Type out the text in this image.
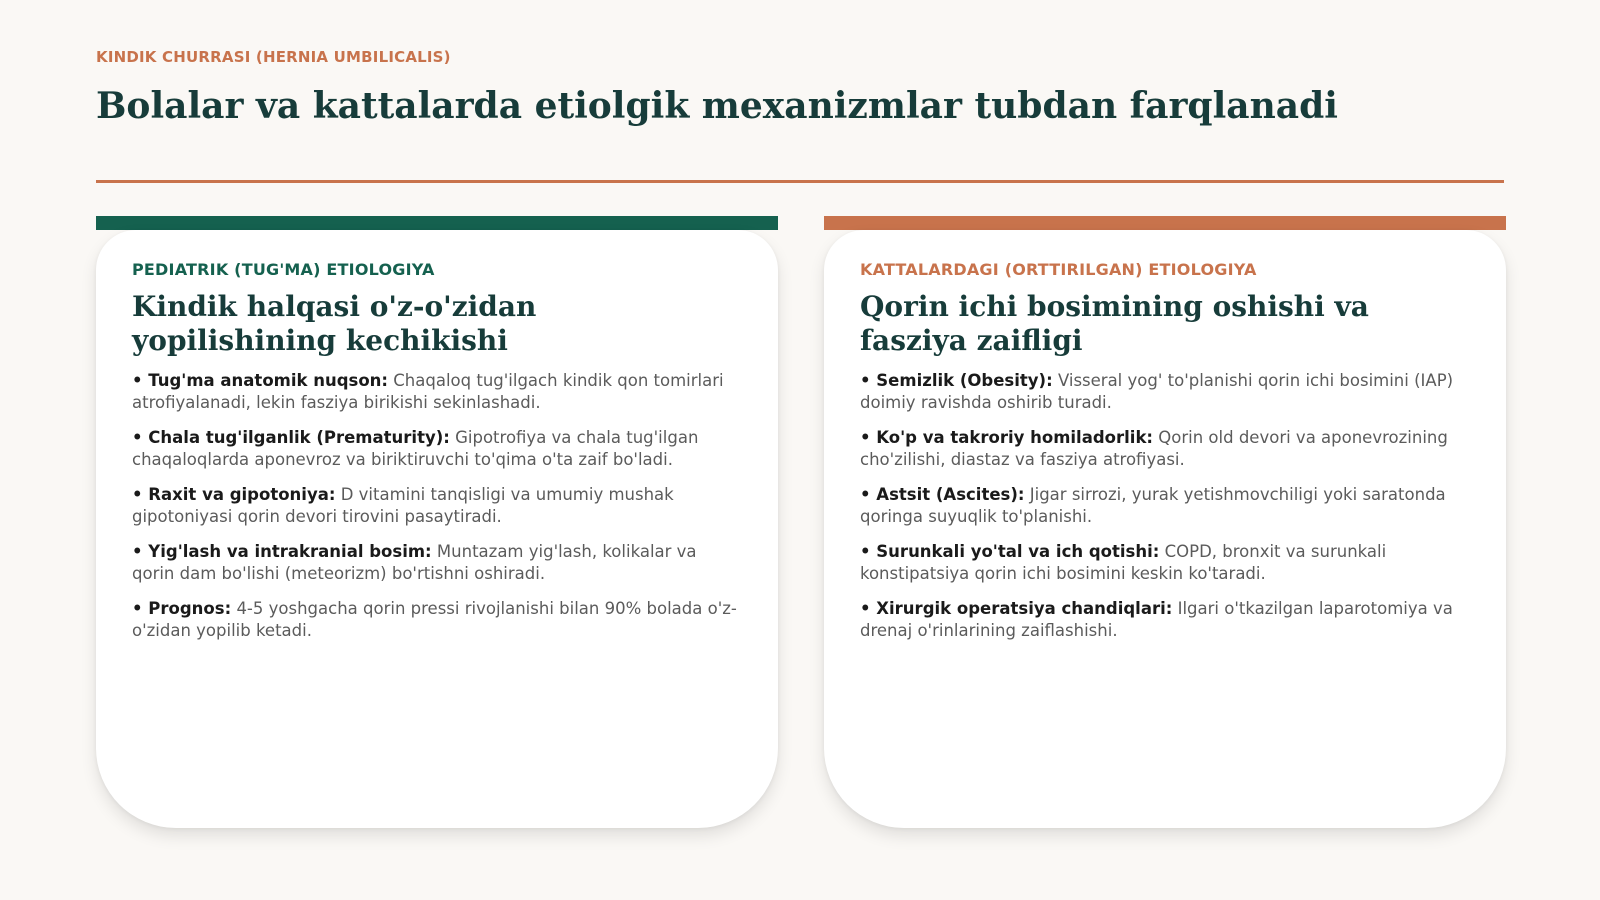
KINDIK CHURRASI (HERNIA UMBILICALIS)
Bolalar va kattalarda etiolgik mexanizmlar tubdan farqlanadi
PEDIATRIK (TUG'MA) ETIOLOGIYA
Kindik halqasi o'z-o'zidan yopilishining kechikishi
• Tug'ma anatomik nuqson: Chaqaloq tug'ilgach kindik qon tomirlari atrofiyalanadi, lekin fasziya birikishi sekinlashadi.
• Chala tug'ilganlik (Prematurity): Gipotrofiya va chala tug'ilgan chaqaloqlarda aponevroz va biriktiruvchi to'qima o'ta zaif bo'ladi.
• Raxit va gipotoniya: D vitamini tanqisligi va umumiy mushak gipotoniyasi qorin devori tirovini pasaytiradi.
• Yig'lash va intrakranial bosim: Muntazam yig'lash, kolikalar va qorin dam bo'lishi (meteorizm) bo'rtishni oshiradi.
• Prognos: 4-5 yoshgacha qorin pressi rivojlanishi bilan 90% bolada o'z-o'zidan yopilib ketadi.
KATTALARDAGI (ORTTIRILGAN) ETIOLOGIYA
Qorin ichi bosimining oshishi va fasziya zaifligi
• Semizlik (Obesity): Visseral yog' to'planishi qorin ichi bosimini (IAP) doimiy ravishda oshirib turadi.
• Ko'p va takroriy homiladorlik: Qorin old devori va aponevrozining cho'zilishi, diastaz va fasziya atrofiyasi.
• Astsit (Ascites): Jigar sirrozi, yurak yetishmovchiligi yoki saratonda qoringa suyuqlik to'planishi.
• Surunkali yo'tal va ich qotishi: COPD, bronxit va surunkali konstipatsiya qorin ichi bosimini keskin ko'taradi.
• Xirurgik operatsiya chandiqlari: Ilgari o'tkazilgan laparotomiya va drenaj o'rinlarining zaiflashishi.
